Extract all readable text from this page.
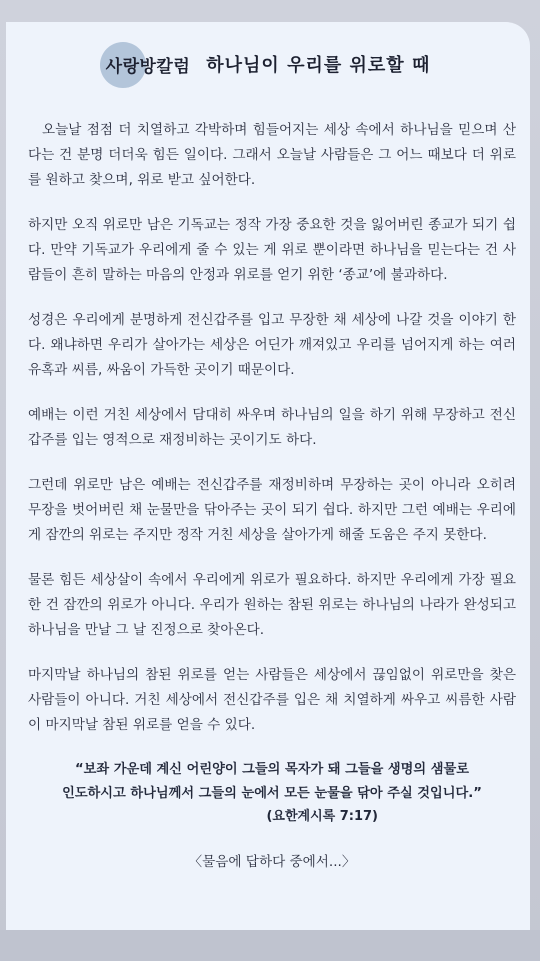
사랑방칼럼 하나님이 우리를 위로할 때

오늘날 점점 더 치열하고 각박하며 힘들어지는 세상 속에서 하나님을 믿으며 산다는 건 분명 더더욱 힘든 일이다. 그래서 오늘날 사람들은 그 어느 때보다 더 위로를 원하고 찾으며, 위로 받고 싶어한다.

하지만 오직 위로만 남은 기독교는 정작 가장 중요한 것을 잃어버린 종교가 되기 쉽다. 만약 기독교가 우리에게 줄 수 있는 게 위로 뿐이라면 하나님을 믿는다는 건 사람들이 흔히 말하는 마음의 안정과 위로를 얻기 위한 ‘종교’에 불과하다.

성경은 우리에게 분명하게 전신갑주를 입고 무장한 채 세상에 나갈 것을 이야기 한다. 왜냐하면 우리가 살아가는 세상은 어딘가 깨져있고 우리를 넘어지게 하는 여러 유혹과 씨름, 싸움이 가득한 곳이기 때문이다.

예배는 이런 거친 세상에서 담대히 싸우며 하나님의 일을 하기 위해 무장하고 전신갑주를 입는 영적으로 재정비하는 곳이기도 하다.

그런데 위로만 남은 예배는 전신갑주를 재정비하며 무장하는 곳이 아니라 오히려 무장을 벗어버린 채 눈물만을 닦아주는 곳이 되기 쉽다. 하지만 그런 예배는 우리에게 잠깐의 위로는 주지만 정작 거친 세상을 살아가게 해줄 도움은 주지 못한다.

물론 힘든 세상살이 속에서 우리에게 위로가 필요하다. 하지만 우리에게 가장 필요한 건 잠깐의 위로가 아니다. 우리가 원하는 참된 위로는 하나님의 나라가 완성되고 하나님을 만날 그 날 진정으로 찾아온다.

마지막날 하나님의 참된 위로를 얻는 사람들은 세상에서 끊임없이 위로만을 찾은 사람들이 아니다. 거친 세상에서 전신갑주를 입은 채 치열하게 싸우고 씨름한 사람이 마지막날 참된 위로를 얻을 수 있다.

“보좌 가운데 계신 어린양이 그들의 목자가 돼 그들을 생명의 샘물로
인도하시고 하나님께서 그들의 눈에서 모든 눈물을 닦아 주실 것입니다.”
(요한계시록 7:17)
〈물음에 답하다 중에서...〉
